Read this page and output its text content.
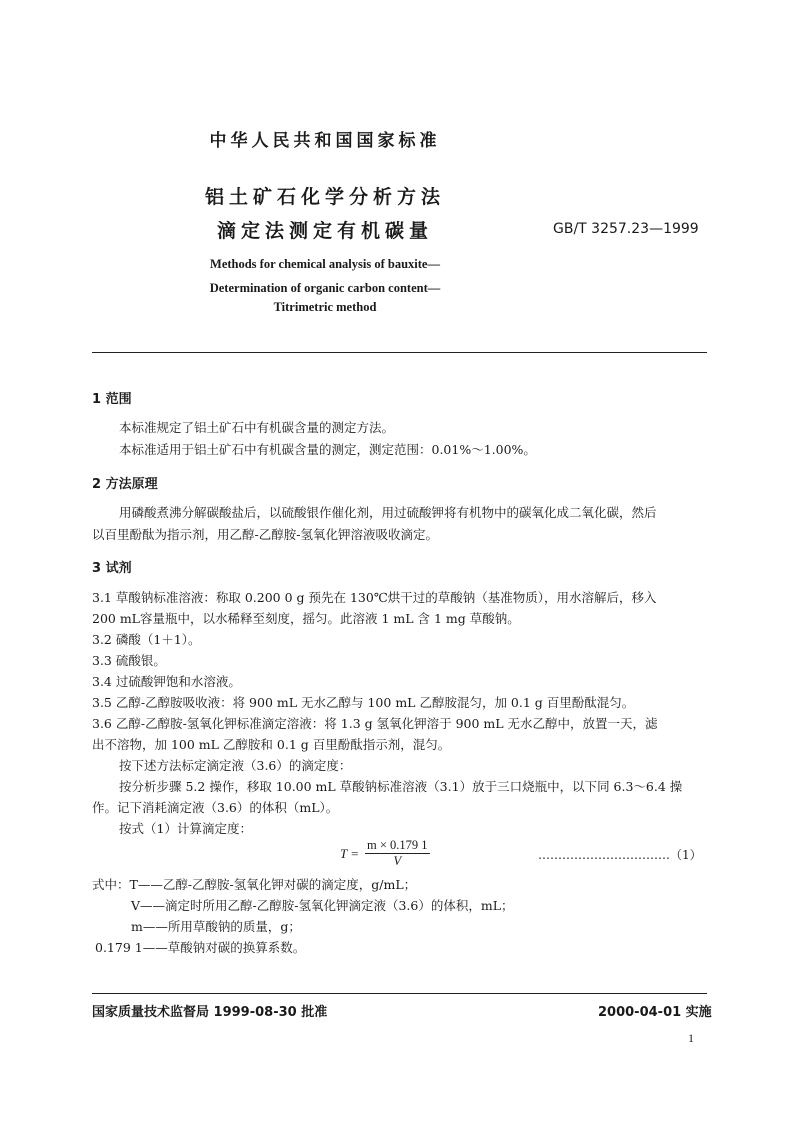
中华人民共和国国家标准
铝土矿石化学分析方法
滴定法测定有机碳量	GB/T 3257.23—1999
Methods for chemical analysis of bauxite—
Determination of organic carbon content—
Titrimetric method
1 范围
本标准规定了铝土矿石中有机碳含量的测定方法。
本标准适用于铝土矿石中有机碳含量的测定，测定范围：0.01%～1.00%。
2 方法原理
用磷酸煮沸分解碳酸盐后，以硫酸银作催化剂，用过硫酸钾将有机物中的碳氧化成二氧化碳，然后
以百里酚酞为指示剂，用乙醇-乙醇胺-氢氧化钾溶液吸收滴定。
3 试剂
3.1 草酸钠标准溶液：称取 0.200 0 g 预先在 130℃烘干过的草酸钠（基准物质），用水溶解后，移入
200 mL容量瓶中，以水稀释至刻度，摇匀。此溶液 1 mL 含 1 mg 草酸钠。
3.2 磷酸（1＋1）。
3.3 硫酸银。
3.4 过硫酸钾饱和水溶液。
3.5 乙醇-乙醇胺吸收液：将 900 mL 无水乙醇与 100 mL 乙醇胺混匀，加 0.1 g 百里酚酞混匀。
3.6 乙醇-乙醇胺-氢氧化钾标准滴定溶液：将 1.3 g 氢氧化钾溶于 900 mL 无水乙醇中，放置一天，滤
出不溶物，加 100 mL 乙醇胺和 0.1 g 百里酚酞指示剂，混匀。
按下述方法标定滴定液（3.6）的滴定度：
按分析步骤 5.2 操作，移取 10.00 mL 草酸钠标准溶液（3.1）放于三口烧瓶中，以下同 6.3～6.4 操
作。记下消耗滴定液（3.6）的体积（mL）。
按式（1）计算滴定度：
$T = \frac{m \times 0.179 1}{V}$	……………………………（1）
式中：T——乙醇-乙醇胺-氢氧化钾对碳的滴定度，g/mL；
V——滴定时所用乙醇-乙醇胺-氢氧化钾滴定液（3.6）的体积，mL；
m——所用草酸钠的质量，g；
0.179 1——草酸钠对碳的换算系数。
国家质量技术监督局 1999-08-30 批准	2000-04-01 实施
1
